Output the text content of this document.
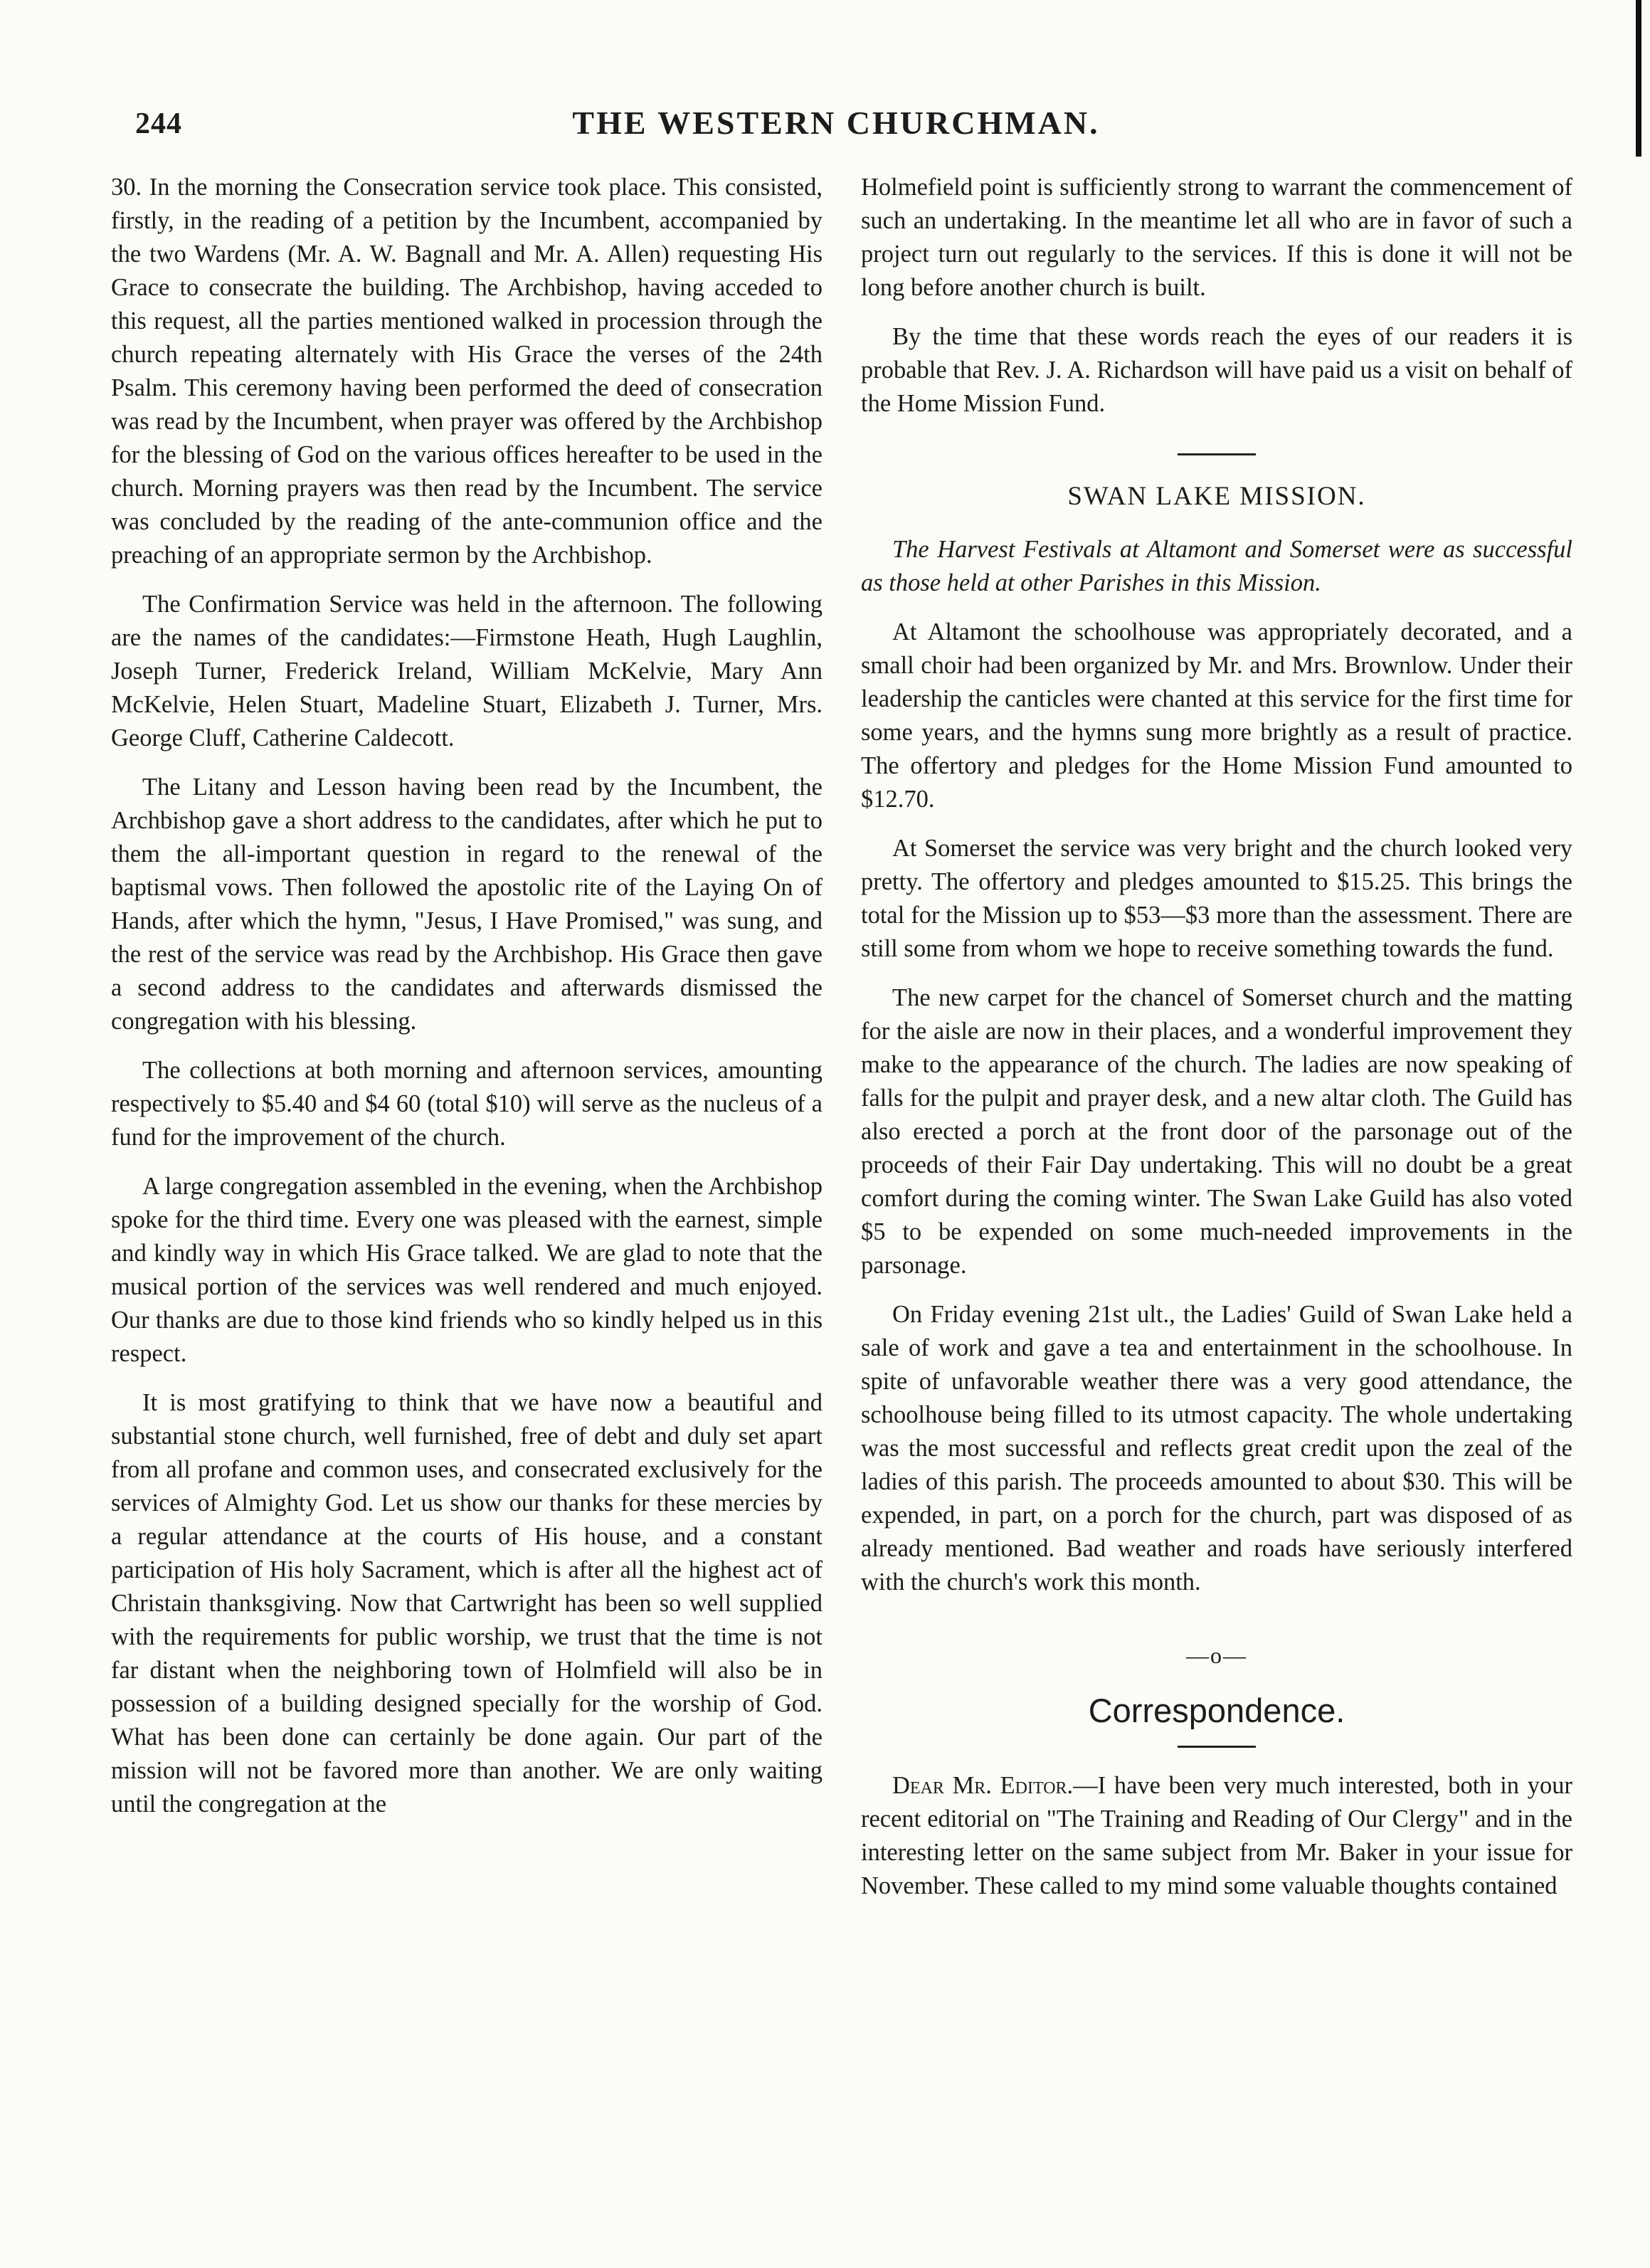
244	THE WESTERN CHURCHMAN.

30. In the morning the Consecration service took place. This consisted, firstly, in the reading of a petition by the Incumbent, accompanied by the two Wardens (Mr. A. W. Bagnall and Mr. A. Allen) requesting His Grace to consecrate the building. The Archbishop, having acceded to this request, all the parties mentioned walked in procession through the church repeating alternately with His Grace the verses of the 24th Psalm. This ceremony having been performed the deed of consecration was read by the Incumbent, when prayer was offered by the Archbishop for the blessing of God on the various offices hereafter to be used in the church. Morning prayers was then read by the Incumbent. The service was concluded by the reading of the ante-communion office and the preaching of an appropriate sermon by the Archbishop.

The Confirmation Service was held in the afternoon. The following are the names of the candidates:—Firmstone Heath, Hugh Laughlin, Joseph Turner, Frederick Ireland, William McKelvie, Mary Ann McKelvie, Helen Stuart, Madeline Stuart, Elizabeth J. Turner, Mrs. George Cluff, Catherine Caldecott.

The Litany and Lesson having been read by the Incumbent, the Archbishop gave a short address to the candidates, after which he put to them the all-important question in regard to the renewal of the baptismal vows. Then followed the apostolic rite of the Laying On of Hands, after which the hymn, "Jesus, I Have Promised," was sung, and the rest of the service was read by the Archbishop. His Grace then gave a second address to the candidates and afterwards dismissed the congregation with his blessing.

The collections at both morning and afternoon services, amounting respectively to $5.40 and $4 60 (total $10) will serve as the nucleus of a fund for the improvement of the church.

A large congregation assembled in the evening, when the Archbishop spoke for the third time. Every one was pleased with the earnest, simple and kindly way in which His Grace talked. We are glad to note that the musical portion of the services was well rendered and much enjoyed. Our thanks are due to those kind friends who so kindly helped us in this respect.

It is most gratifying to think that we have now a beautiful and substantial stone church, well furnished, free of debt and duly set apart from all profane and common uses, and consecrated exclusively for the services of Almighty God. Let us show our thanks for these mercies by a regular attendance at the courts of His house, and a constant participation of His holy Sacrament, which is after all the highest act of Christain thanksgiving. Now that Cartwright has been so well supplied with the requirements for public worship, we trust that the time is not far distant when the neighboring town of Holmfield will also be in possession of a building designed specially for the worship of God. What has been done can certainly be done again. Our part of the mission will not be favored more than another. We are only waiting until the congregation at the

Holmefield point is sufficiently strong to warrant the commencement of such an undertaking. In the meantime let all who are in favor of such a project turn out regularly to the services. If this is done it will not be long before another church is built.

By the time that these words reach the eyes of our readers it is probable that Rev. J. A. Richardson will have paid us a visit on behalf of the Home Mission Fund.

SWAN LAKE MISSION.

The Harvest Festivals at Altamont and Somerset were as successful as those held at other Parishes in this Mission.

At Altamont the schoolhouse was appropriately decorated, and a small choir had been organized by Mr. and Mrs. Brownlow. Under their leadership the canticles were chanted at this service for the first time for some years, and the hymns sung more brightly as a result of practice. The offertory and pledges for the Home Mission Fund amounted to $12.70.

At Somerset the service was very bright and the church looked very pretty. The offertory and pledges amounted to $15.25. This brings the total for the Mission up to $53—$3 more than the assessment. There are still some from whom we hope to receive something towards the fund.

The new carpet for the chancel of Somerset church and the matting for the aisle are now in their places, and a wonderful improvement they make to the appearance of the church. The ladies are now speaking of falls for the pulpit and prayer desk, and a new altar cloth. The Guild has also erected a porch at the front door of the parsonage out of the proceeds of their Fair Day undertaking. This will no doubt be a great comfort during the coming winter. The Swan Lake Guild has also voted $5 to be expended on some much-needed improvements in the parsonage.

On Friday evening 21st ult., the Ladies' Guild of Swan Lake held a sale of work and gave a tea and entertainment in the schoolhouse. In spite of unfavorable weather there was a very good attendance, the schoolhouse being filled to its utmost capacity. The whole undertaking was the most successful and reflects great credit upon the zeal of the ladies of this parish. The proceeds amounted to about $30. This will be expended, in part, on a porch for the church, part was disposed of as already mentioned. Bad weather and roads have seriously interfered with the church's work this month.

—o—
Correspondence.

Dear Mr. Editor.—I have been very much interested, both in your recent editorial on "The Training and Reading of Our Clergy" and in the interesting letter on the same subject from Mr. Baker in your issue for November. These called to my mind some valuable thoughts contained
